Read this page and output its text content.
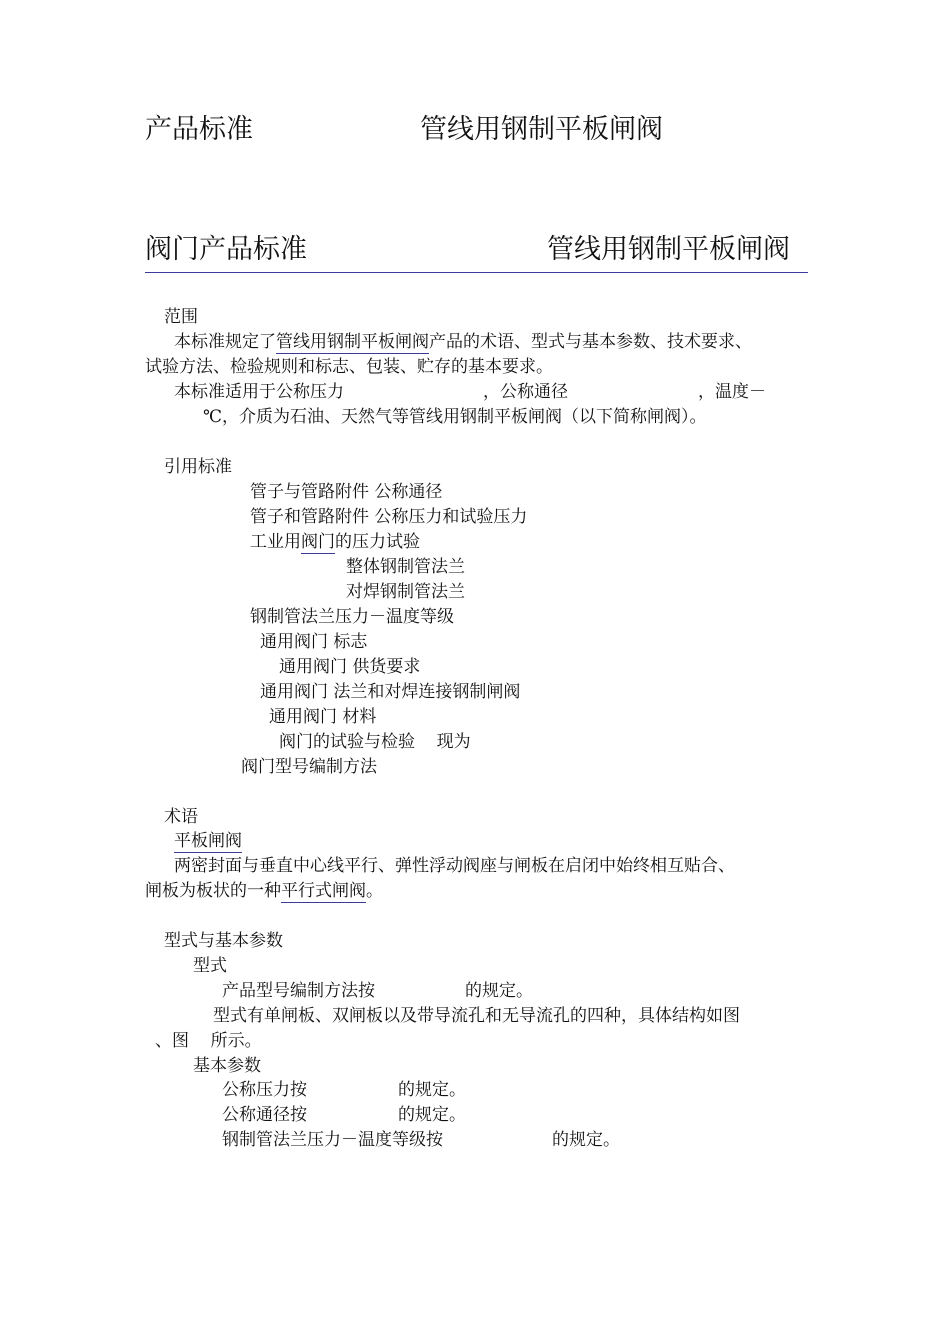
产品标准	管线用钢制平板闸阀
阀门产品标准	管线用钢制平板闸阀
范围
本标准规定了管线用钢制平板闸阀产品的术语、型式与基本参数、技术要求、
试验方法、检验规则和标志、包装、贮存的基本要求。
本标准适用于公称压力	，公称通径	，温度－
℃，介质为石油、天然气等管线用钢制平板闸阀（以下简称闸阀）。
引用标准
管子与管路附件 公称通径
管子和管路附件 公称压力和试验压力
工业用阀门的压力试验
整体钢制管法兰
对焊钢制管法兰
钢制管法兰压力－温度等级
通用阀门 标志
通用阀门 供货要求
通用阀门 法兰和对焊连接钢制闸阀
通用阀门 材料
阀门的试验与检验    现为
阀门型号编制方法
术语
平板闸阀
两密封面与垂直中心线平行、弹性浮动阀座与闸板在启闭中始终相互贴合、
闸板为板状的一种平行式闸阀。
型式与基本参数
型式
产品型号编制方法按	的规定。
型式有单闸板、双闸板以及带导流孔和无导流孔的四种，具体结构如图
、图    所示。
基本参数
公称压力按	的规定。
公称通径按	的规定。
钢制管法兰压力－温度等级按	的规定。
